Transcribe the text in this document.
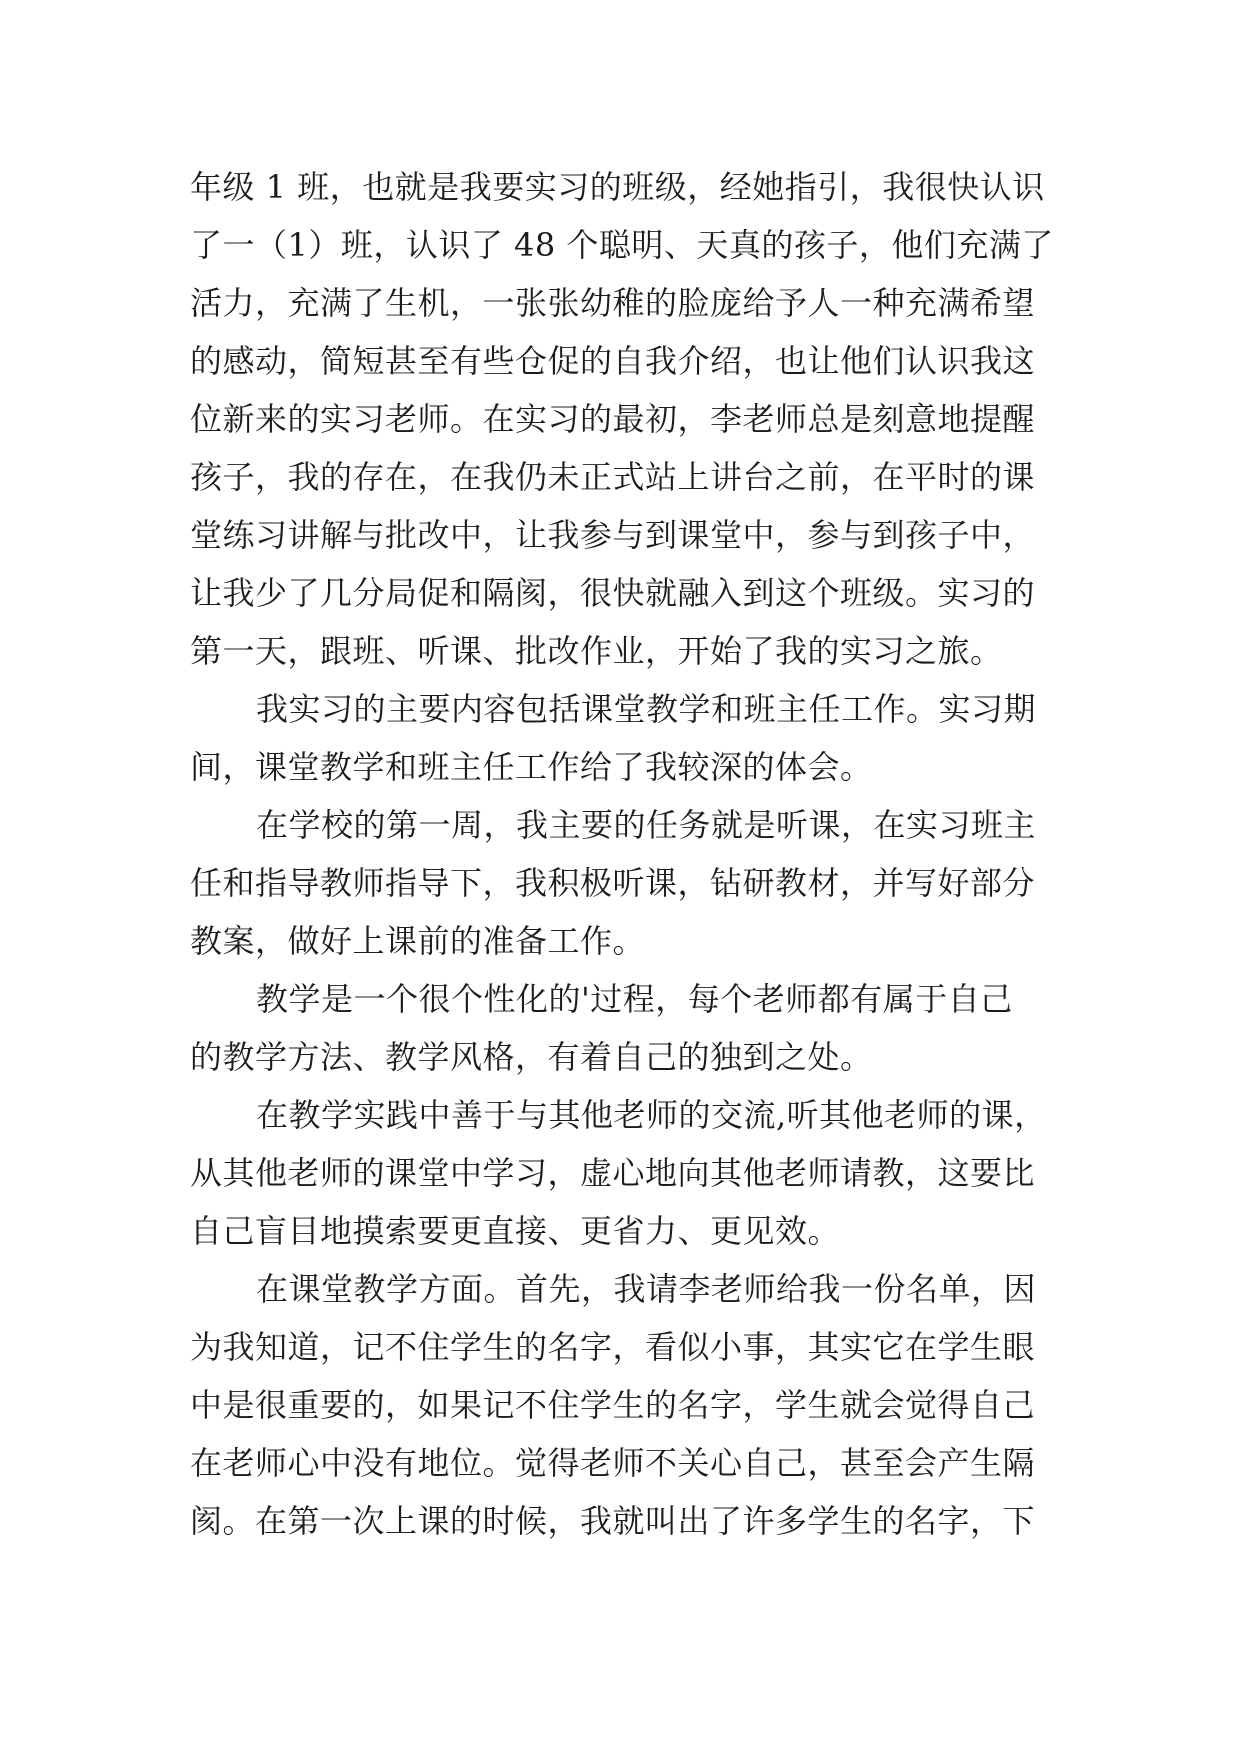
年级 1 班，也就是我要实习的班级，经她指引，我很快认识
了一（1）班，认识了 48 个聪明、天真的孩子，他们充满了
活力，充满了生机，一张张幼稚的脸庞给予人一种充满希望
的感动，简短甚至有些仓促的自我介绍，也让他们认识我这
位新来的实习老师。在实习的最初，李老师总是刻意地提醒
孩子，我的存在，在我仍未正式站上讲台之前，在平时的课
堂练习讲解与批改中，让我参与到课堂中，参与到孩子中，
让我少了几分局促和隔阂，很快就融入到这个班级。实习的
第一天，跟班、听课、批改作业，开始了我的实习之旅。
我实习的主要内容包括课堂教学和班主任工作。实习期
间，课堂教学和班主任工作给了我较深的体会。
在学校的第一周，我主要的任务就是听课，在实习班主
任和指导教师指导下，我积极听课，钻研教材，并写好部分
教案，做好上课前的准备工作。
教学是一个很个性化的'过程，每个老师都有属于自己
的教学方法、教学风格，有着自己的独到之处。
在教学实践中善于与其他老师的交流,听其他老师的课，
从其他老师的课堂中学习，虚心地向其他老师请教，这要比
自己盲目地摸索要更直接、更省力、更见效。
在课堂教学方面。首先，我请李老师给我一份名单，因
为我知道，记不住学生的名字，看似小事，其实它在学生眼
中是很重要的，如果记不住学生的名字，学生就会觉得自己
在老师心中没有地位。觉得老师不关心自己，甚至会产生隔
阂。在第一次上课的时候，我就叫出了许多学生的名字，下
